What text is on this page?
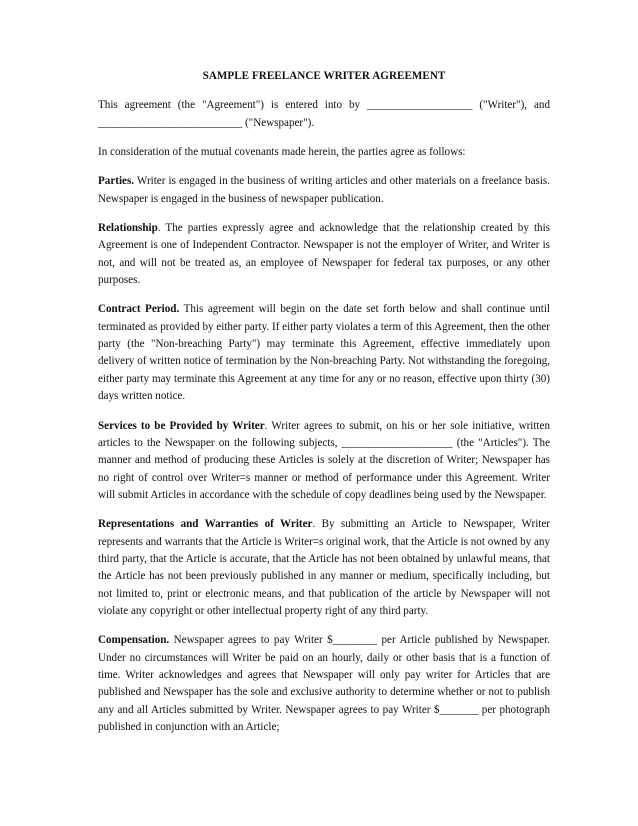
SAMPLE FREELANCE WRITER AGREEMENT
This agreement (the "Agreement") is entered into by ___________________ ("Writer"), and __________________________ ("Newspaper").
In consideration of the mutual covenants made herein, the parties agree as follows:
Parties. Writer is engaged in the business of writing articles and other materials on a freelance basis. Newspaper is engaged in the business of newspaper publication.
Relationship. The parties expressly agree and acknowledge that the relationship created by this Agreement is one of Independent Contractor. Newspaper is not the employer of Writer, and Writer is not, and will not be treated as, an employee of Newspaper for federal tax purposes, or any other purposes.
Contract Period. This agreement will begin on the date set forth below and shall continue until terminated as provided by either party. If either party violates a term of this Agreement, then the other party (the "Non-breaching Party") may terminate this Agreement, effective immediately upon delivery of written notice of termination by the Non-breaching Party. Not withstanding the foregoing, either party may terminate this Agreement at any time for any or no reason, effective upon thirty (30) days written notice.
Services to be Provided by Writer. Writer agrees to submit, on his or her sole initiative, written articles to the Newspaper on the following subjects, ____________________ (the "Articles"). The manner and method of producing these Articles is solely at the discretion of Writer; Newspaper has no right of control over Writer=s manner or method of performance under this Agreement. Writer will submit Articles in accordance with the schedule of copy deadlines being used by the Newspaper.
Representations and Warranties of Writer. By submitting an Article to Newspaper, Writer represents and warrants that the Article is Writer=s original work, that the Article is not owned by any third party, that the Article is accurate, that the Article has not been obtained by unlawful means, that the Article has not been previously published in any manner or medium, specifically including, but not limited to, print or electronic means, and that publication of the article by Newspaper will not violate any copyright or other intellectual property right of any third party.
Compensation. Newspaper agrees to pay Writer $________ per Article published by Newspaper. Under no circumstances will Writer be paid on an hourly, daily or other basis that is a function of time. Writer acknowledges and agrees that Newspaper will only pay writer for Articles that are published and Newspaper has the sole and exclusive authority to determine whether or not to publish any and all Articles submitted by Writer. Newspaper agrees to pay Writer $_______ per photograph published in conjunction with an Article;
